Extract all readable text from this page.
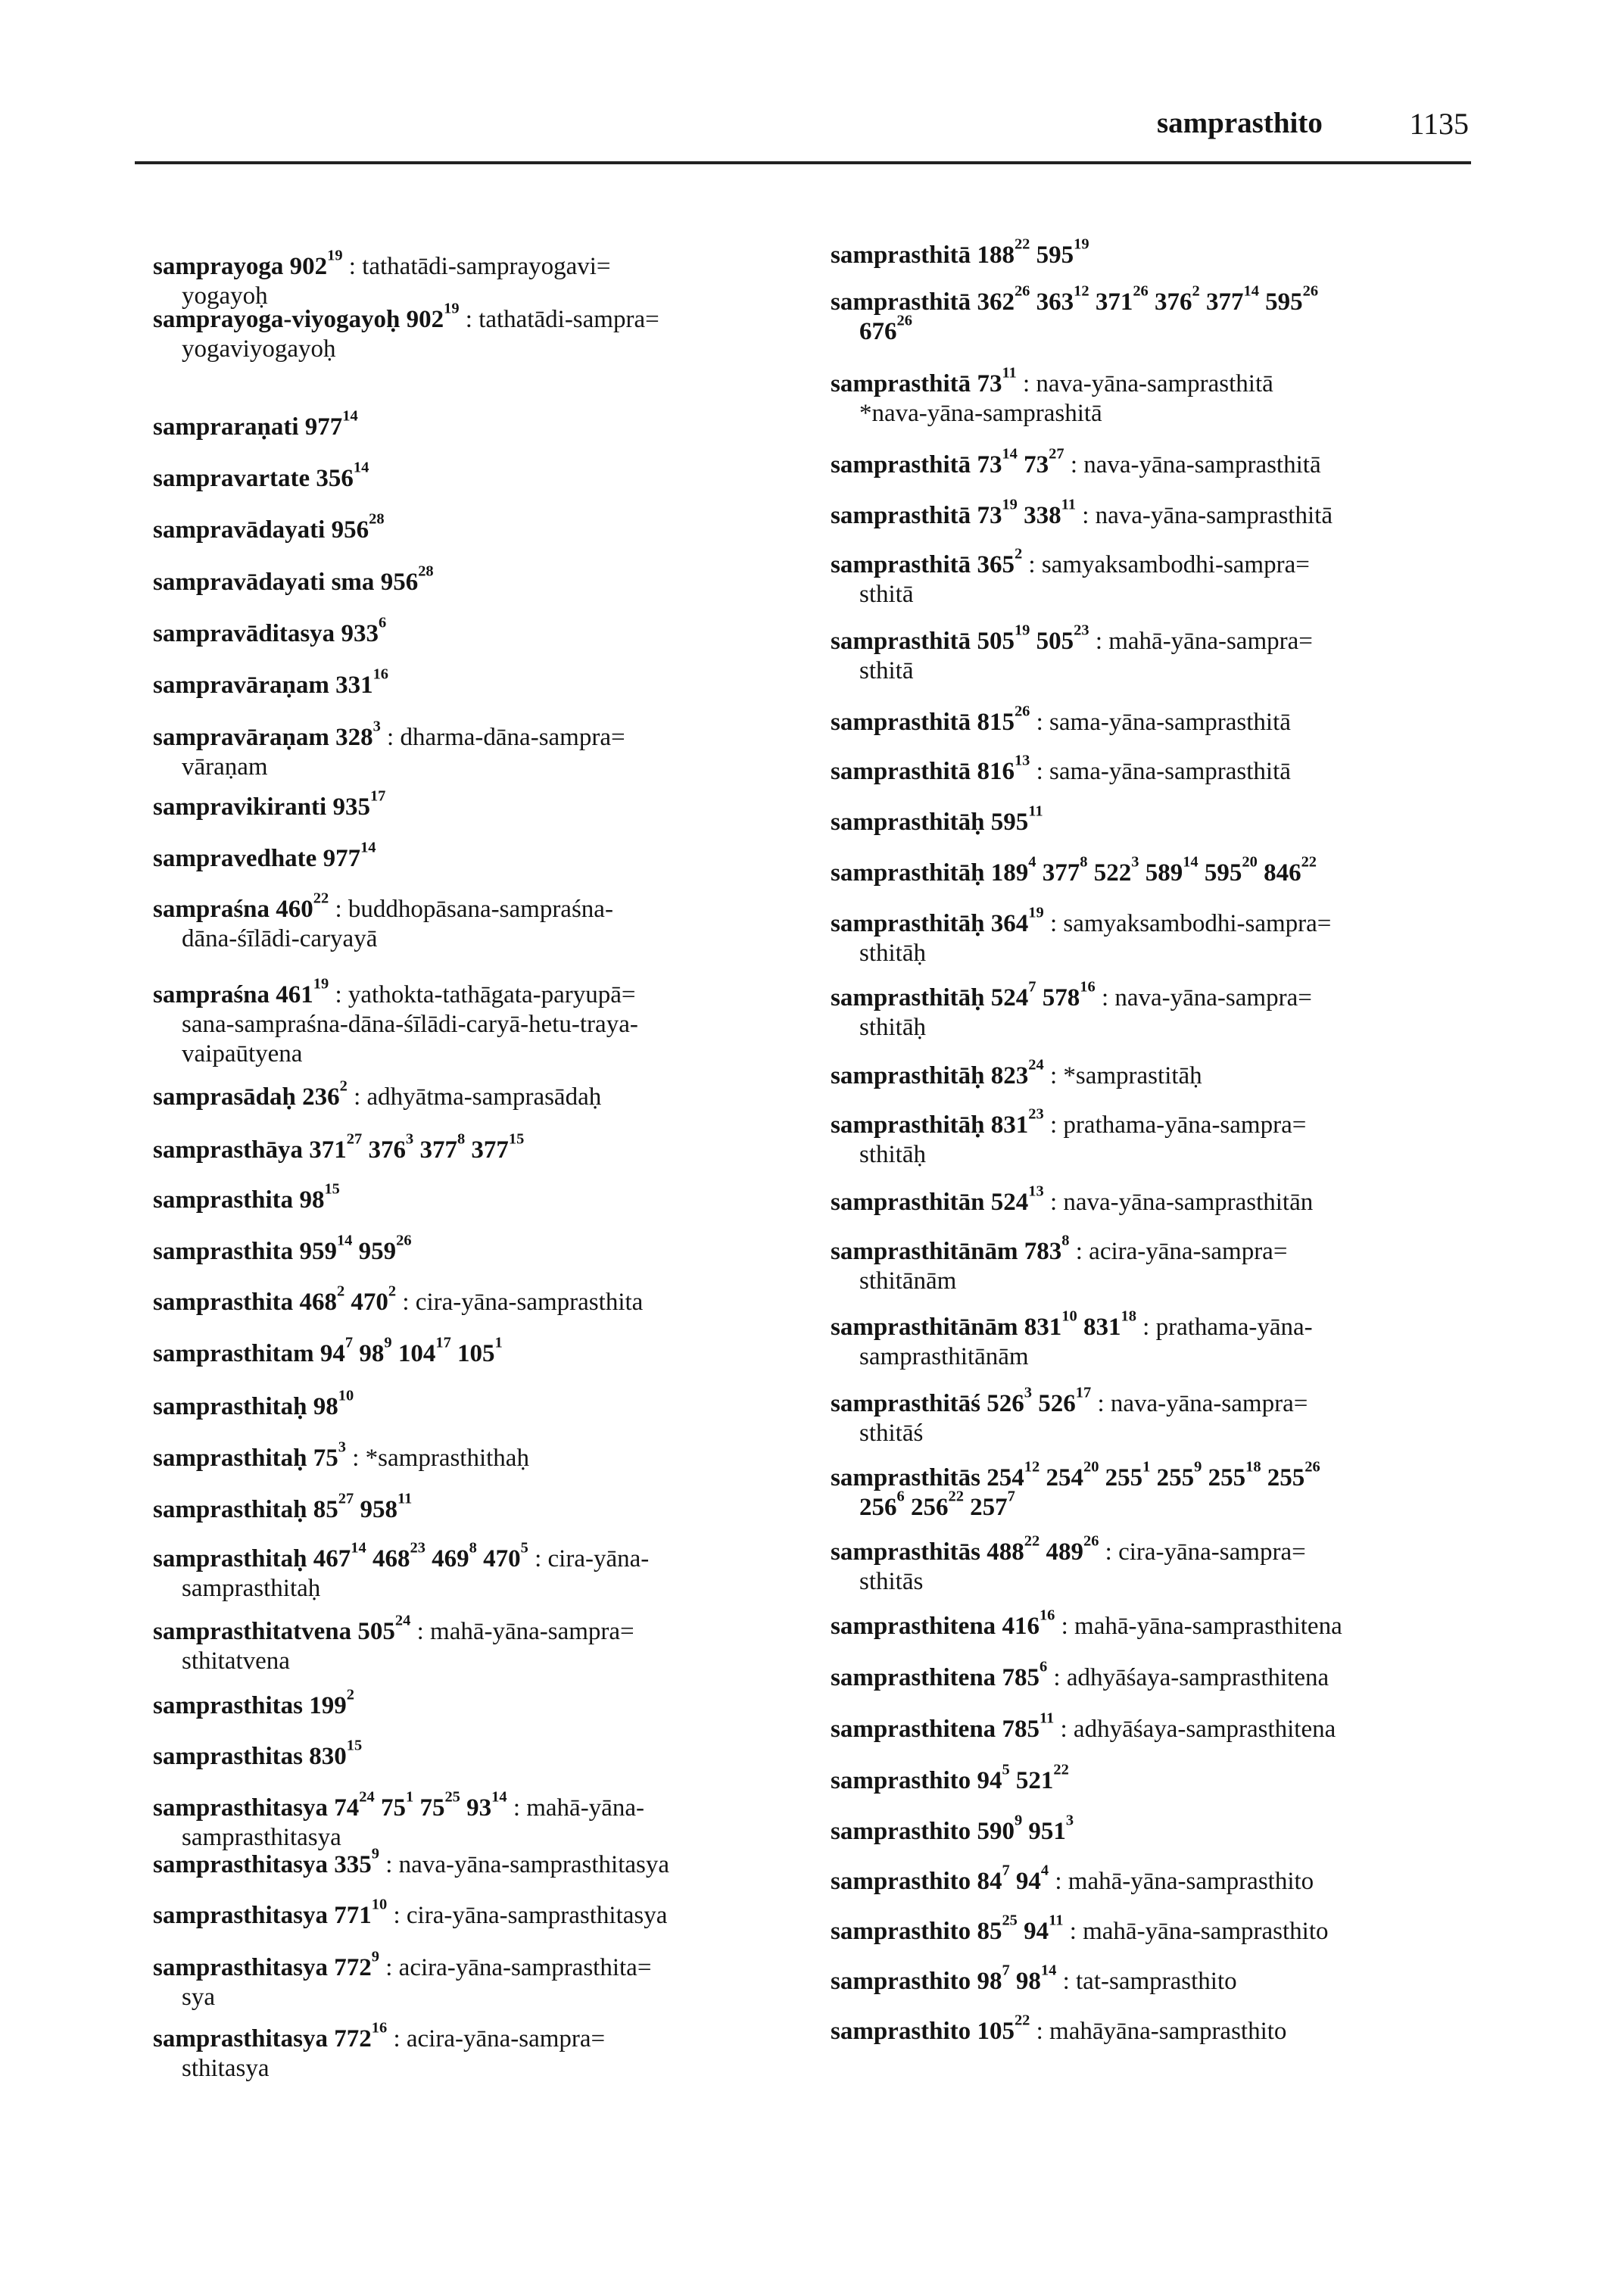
samprasthito	1135
samprayoga $902^{19}$ : tathatādi-samprayogavi=
yogayoḥ
samprayoga-viyogayoḥ $902^{19}$ : tathatādi-sampra=
yogaviyogayoḥ
sampraraṇati $977^{14}$
sampravartate $356^{14}$
sampravādayati $956^{28}$
sampravādayati sma $956^{28}$
sampravāditasya $933^6$
sampravāraṇam $331^{16}$
sampravāraṇam $328^3$ : dharma-dāna-sampra=
vāraṇam
sampravikiranti $935^{17}$
sampravedhate $977^{14}$
sampraśna $460^{22}$ : buddhopāsana-sampraśna-
dāna-śīlādi-caryayā
sampraśna $461^{19}$ : yathokta-tathāgata-paryupā=
sana-sampraśna-dāna-śīlādi-caryā-hetu-traya-
vaipaūtyena
samprasādaḥ $236^2$ : adhyātma-samprasādaḥ
samprasthāya $371^{27}$ $376^3$ $377^8$ $377^{15}$
samprasthita $98^{15}$
samprasthita $959^{14}$ $959^{26}$
samprasthita $468^2$ $470^2$ : cira-yāna-samprasthita
samprasthitam $94^7$ $98^9$ $104^{17}$ $105^1$
samprasthitaḥ $98^{10}$
samprasthitaḥ $75^3$ : *samprasthithaḥ
samprasthitaḥ $85^{27}$ $958^{11}$
samprasthitaḥ $467^{14}$ $468^{23}$ $469^8$ $470^5$ : cira-yāna-
samprasthitaḥ
samprasthitatvena $505^{24}$ : mahā-yāna-sampra=
sthitatvena
samprasthitas $199^2$
samprasthitas $830^{15}$
samprasthitasya $74^{24}$ $75^1$ $75^{25}$ $93^{14}$ : mahā-yāna-
samprasthitasya
samprasthitasya $335^9$ : nava-yāna-samprasthitasya
samprasthitasya $771^{10}$ : cira-yāna-samprasthitasya
samprasthitasya $772^9$ : acira-yāna-samprasthita=
sya
samprasthitasya $772^{16}$ : acira-yāna-sampra=
sthitasya
samprasthitā $188^{22}$ $595^{19}$
samprasthitā $362^{26}$ $363^{12}$ $371^{26}$ $376^2$ $377^{14}$ $595^{26}$
$676^{26}$
samprasthitā $73^{11}$ : nava-yāna-samprasthitā
*nava-yāna-samprashitā
samprasthitā $73^{14}$ $73^{27}$ : nava-yāna-samprasthitā
samprasthitā $73^{19}$ $338^{11}$ : nava-yāna-samprasthitā
samprasthitā $365^2$ : samyaksambodhi-sampra=
sthitā
samprasthitā $505^{19}$ $505^{23}$ : mahā-yāna-sampra=
sthitā
samprasthitā $815^{26}$ : sama-yāna-samprasthitā
samprasthitā $816^{13}$ : sama-yāna-samprasthitā
samprasthitāḥ $595^{11}$
samprasthitāḥ $189^4$ $377^8$ $522^3$ $589^{14}$ $595^{20}$ $846^{22}$
samprasthitāḥ $364^{19}$ : samyaksambodhi-sampra=
sthitāḥ
samprasthitāḥ $524^7$ $578^{16}$ : nava-yāna-sampra=
sthitāḥ
samprasthitāḥ $823^{24}$ : *samprastitāḥ
samprasthitāḥ $831^{23}$ : prathama-yāna-sampra=
sthitāḥ
samprasthitān $524^{13}$ : nava-yāna-samprasthitān
samprasthitānām $783^8$ : acira-yāna-sampra=
sthitānām
samprasthitānām $831^{10}$ $831^{18}$ : prathama-yāna-
samprasthitānām
samprasthitāś $526^3$ $526^{17}$ : nava-yāna-sampra=
sthitāś
samprasthitās $254^{12}$ $254^{20}$ $255^1$ $255^9$ $255^{18}$ $255^{26}$
$256^6$ $256^{22}$ $257^7$
samprasthitās $488^{22}$ $489^{26}$ : cira-yāna-sampra=
sthitās
samprasthitena $416^{16}$ : mahā-yāna-samprasthitena
samprasthitena $785^6$ : adhyāśaya-samprasthitena
samprasthitena $785^{11}$ : adhyāśaya-samprasthitena
samprasthito $94^5$ $521^{22}$
samprasthito $590^9$ $951^3$
samprasthito $84^7$ $94^4$ : mahā-yāna-samprasthito
samprasthito $85^{25}$ $94^{11}$ : mahā-yāna-samprasthito
samprasthito $98^7$ $98^{14}$ : tat-samprasthito
samprasthito $105^{22}$ : mahāyāna-samprasthito
